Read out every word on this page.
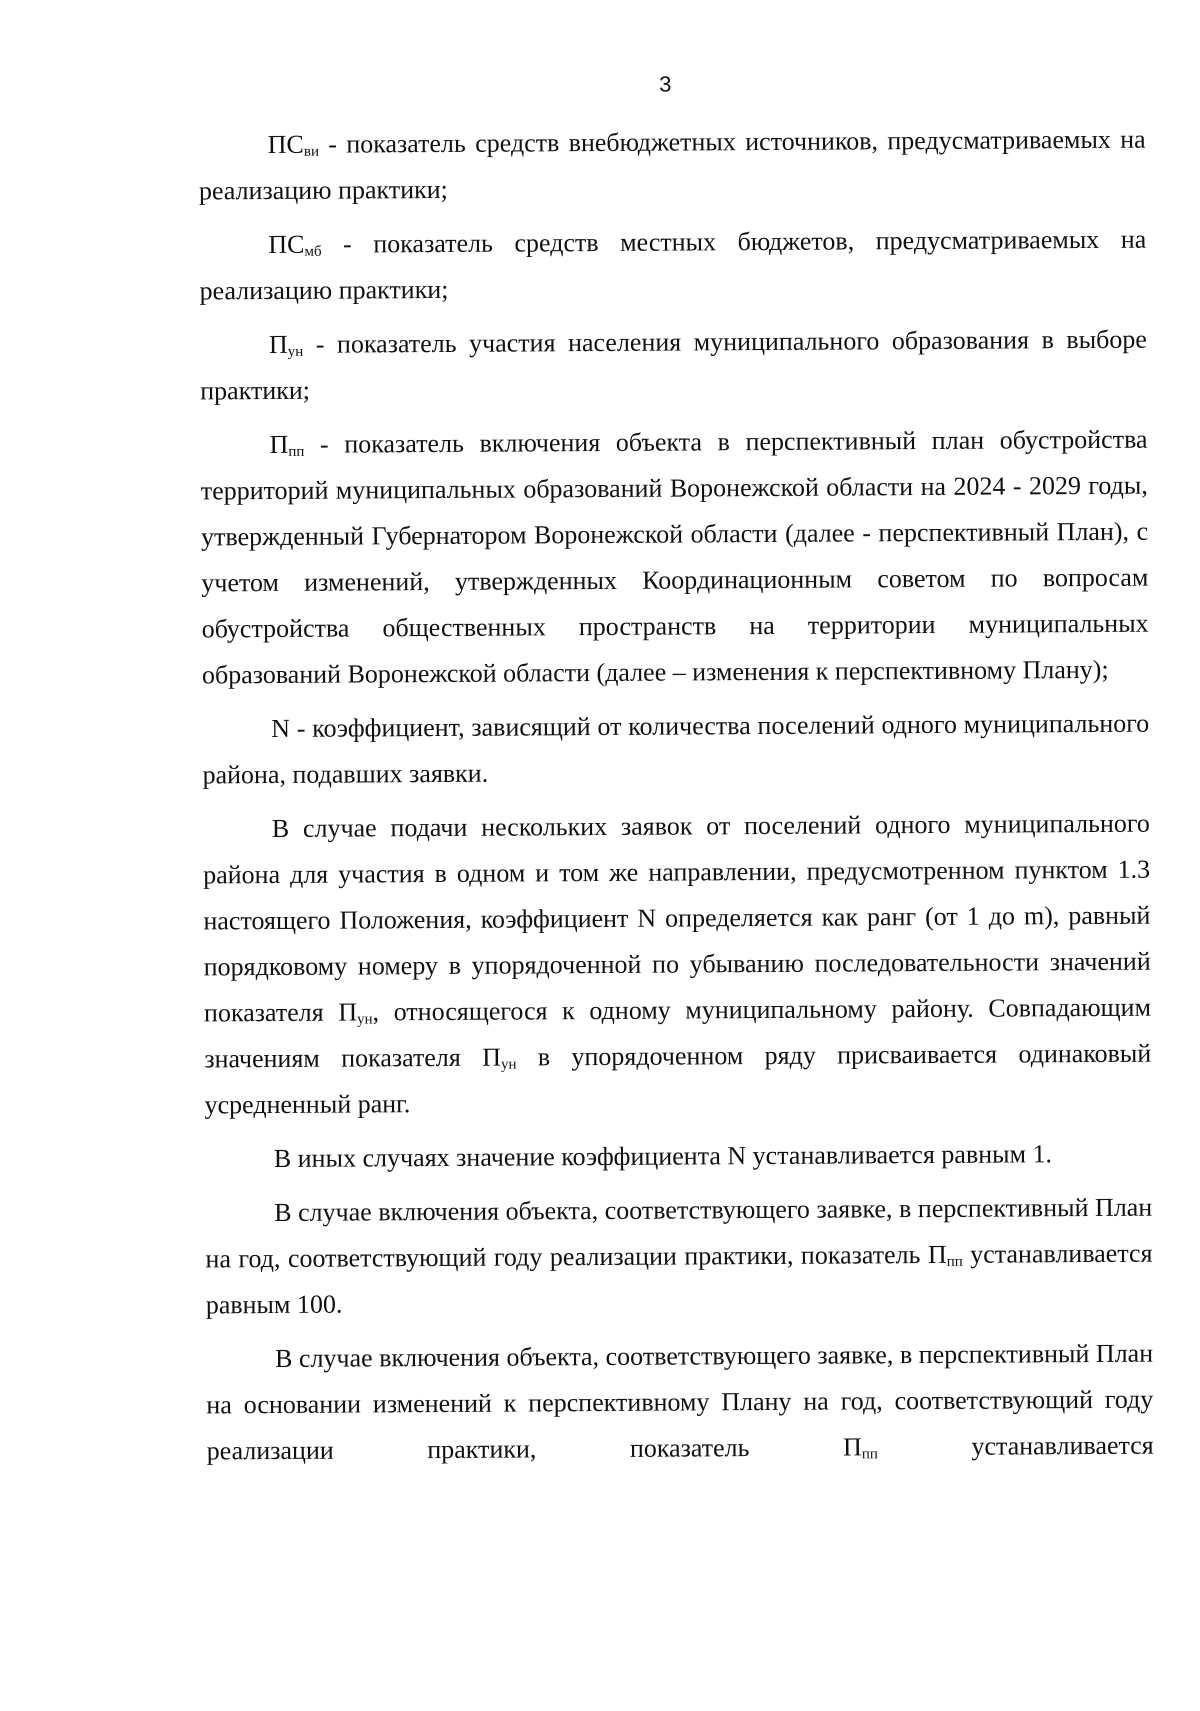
3

$ПС_{ви}$ - показатель средств внебюджетных источников, предусматриваемых на реализацию практики;

$ПС_{мб}$ - показатель средств местных бюджетов, предусматриваемых на реализацию практики;

$П_{ун}$ - показатель участия населения муниципального образования в выборе практики;

$П_{пп}$ - показатель включения объекта в перспективный план обустройства территорий муниципальных образований Воронежской области на 2024 - 2029 годы, утвержденный Губернатором Воронежской области (далее - перспективный План), с учетом изменений, утвержденных Координационным советом по вопросам обустройства общественных пространств на территории муниципальных образований Воронежской области (далее – изменения к перспективному Плану);

N - коэффициент, зависящий от количества поселений одного муниципального района, подавших заявки.

В случае подачи нескольких заявок от поселений одного муниципального района для участия в одном и том же направлении, предусмотренном пунктом 1.3 настоящего Положения, коэффициент N определяется как ранг (от 1 до m), равный порядковому номеру в упорядоченной по убыванию последовательности значений показателя $П_{ун}$, относящегося к одному муниципальному району. Совпадающим значениям показателя $П_{ун}$ в упорядоченном ряду присваивается одинаковый усредненный ранг.

В иных случаях значение коэффициента N устанавливается равным 1.

В случае включения объекта, соответствующего заявке, в перспективный План на год, соответствующий году реализации практики, показатель $П_{пп}$ устанавливается равным 100.

В случае включения объекта, соответствующего заявке, в перспективный План на основании изменений к перспективному Плану на год, соответствующий году реализации практики, показатель $П_{пп}$ устанавливается
